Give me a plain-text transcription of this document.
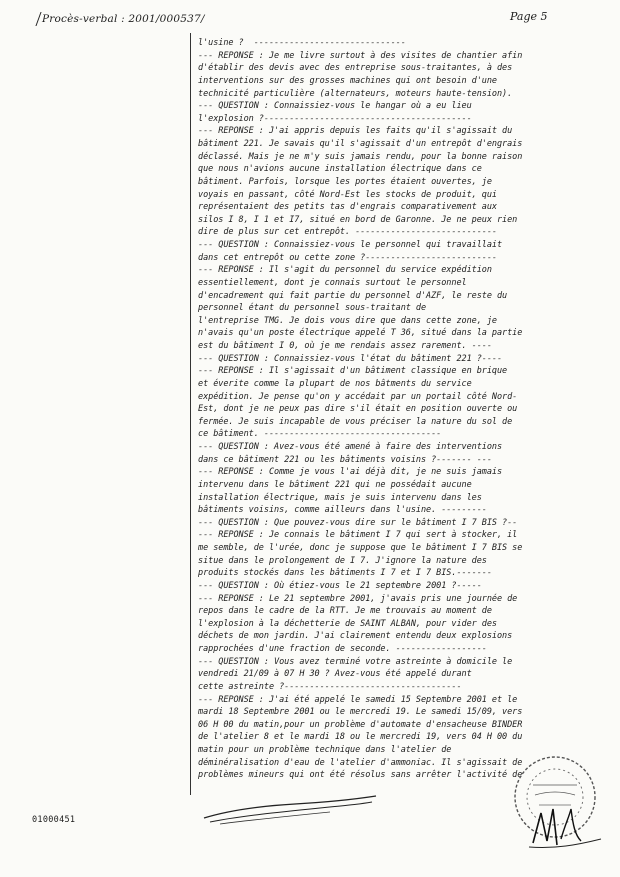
Procès-verbal : 2001/000537/	Page 5
l'usine ?  ------------------------------
--- REPONSE : Je me livre surtout à des visites de chantier afin
d'établir des devis avec des entreprise sous-traitantes, à des
interventions sur des grosses machines qui ont besoin d'une
technicité particulière (alternateurs, moteurs haute-tension).
--- QUESTION : Connaissiez-vous le hangar où a eu lieu
l'explosion ?-----------------------------------------
--- REPONSE : J'ai appris depuis les faits qu'il s'agissait du
bâtiment 221. Je savais qu'il s'agissait d'un entrepôt d'engrais
déclassé. Mais je ne m'y suis jamais rendu, pour la bonne raison
que nous n'avions aucune installation électrique dans ce
bâtiment. Parfois, lorsque les portes étaient ouvertes, je
voyais en passant, côté Nord-Est les stocks de produit, qui
représentaient des petits tas d'engrais comparativement aux
silos I 8, I 1 et I7, situé en bord de Garonne. Je ne peux rien
dire de plus sur cet entrepôt. ----------------------------
--- QUESTION : Connaissiez-vous le personnel qui travaillait
dans cet entrepôt ou cette zone ?--------------------------
--- REPONSE : Il s'agit du personnel du service expédition
essentiellement, dont je connais surtout le personnel
d'encadrement qui fait partie du personnel d'AZF, le reste du
personnel étant du personnel sous-traitant de
l'entreprise TMG. Je dois vous dire que dans cette zone, je
n'avais qu'un poste électrique appelé T 36, situé dans la partie
est du bâtiment I 0, où je me rendais assez rarement. ----
--- QUESTION : Connaissiez-vous l'état du bâtiment 221 ?----
--- REPONSE : Il s'agissait d'un bâtiment classique en brique
et éverite comme la plupart de nos bâtments du service
expédition. Je pense qu'on y accédait par un portail côté Nord-
Est, dont je ne peux pas dire s'il était en position ouverte ou
fermée. Je suis incapable de vous préciser la nature du sol de
ce bâtiment. -----------------------------------
--- QUESTION : Avez-vous été amené à faire des interventions
dans ce bâtiment 221 ou les bâtiments voisins ?------- ---
--- REPONSE : Comme je vous l'ai déjà dit, je ne suis jamais
intervenu dans le bâtiment 221 qui ne possédait aucune
installation électrique, mais je suis intervenu dans les
bâtiments voisins, comme ailleurs dans l'usine. ---------
--- QUESTION : Que pouvez-vous dire sur le bâtiment I 7 BIS ?--
--- REPONSE : Je connais le bâtiment I 7 qui sert à stocker, il
me semble, de l'urée, donc je suppose que le bâtiment I 7 BIS se
situe dans le prolongement de I 7. J'ignore la nature des
produits stockés dans les bâtiments I 7 et I 7 BIS.-------
--- QUESTION : Où étiez-vous le 21 septembre 2001 ?-----
--- REPONSE : Le 21 septembre 2001, j'avais pris une journée de
repos dans le cadre de la RTT. Je me trouvais au moment de
l'explosion à la déchetterie de SAINT ALBAN, pour vider des
déchets de mon jardin. J'ai clairement entendu deux explosions
rapprochées d'une fraction de seconde. ------------------
--- QUESTION : Vous avez terminé votre astreinte à domicile le
vendredi 21/09 à 07 H 30 ? Avez-vous été appelé durant
cette astreinte ?-----------------------------------
--- REPONSE : J'ai été appelé le samedi 15 Septembre 2001 et le
mardi 18 Septembre 2001 ou le mercredi 19. Le samedi 15/09, vers
06 H 00 du matin,pour un problème d'automate d'ensacheuse BINDER
de l'atelier 8 et le mardi 18 ou le mercredi 19, vers 04 H 00 du
matin pour un problème technique dans l'atelier de
déminéralisation d'eau de l'atelier d'ammoniac. Il s'agissait de
problèmes mineurs qui ont été résolus sans arrêter l'activité de
01000451
